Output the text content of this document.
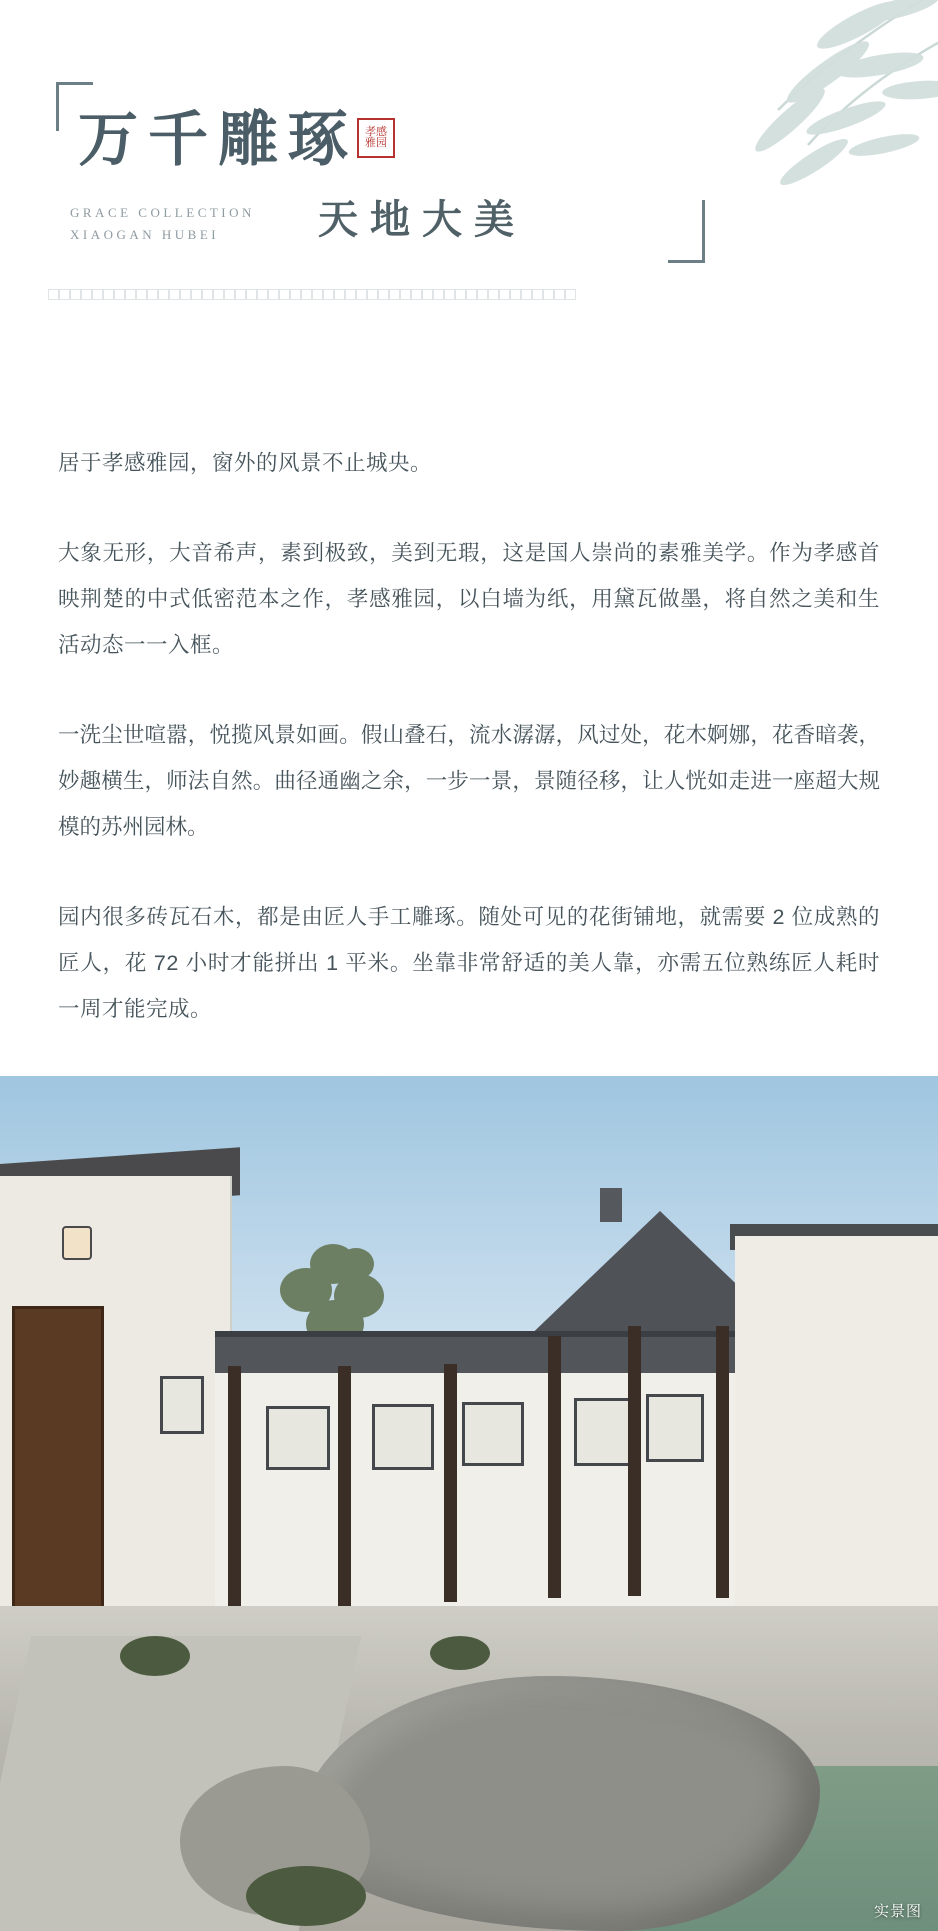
万千雕琢 孝感雅园
天地大美
GRACE COLLECTION
XIAOGAN HUBEI

居于孝感雅园，窗外的风景不止城央。

大象无形，大音希声，素到极致，美到无瑕，这是国人崇尚的素雅美学。作为孝感首映荆楚的中式低密范本之作，孝感雅园，以白墙为纸，用黛瓦做墨，将自然之美和生活动态一一入框。

一洗尘世喧嚣，悦揽风景如画。假山叠石，流水潺潺，风过处，花木婀娜，花香暗袭，妙趣横生，师法自然。曲径通幽之余，一步一景，景随径移，让人恍如走进一座超大规模的苏州园林。

园内很多砖瓦石木，都是由匠人手工雕琢。随处可见的花街铺地，就需要 2 位成熟的匠人，花 72 小时才能拼出 1 平米。坐靠非常舒适的美人靠，亦需五位熟练匠人耗时一周才能完成。

实景图
